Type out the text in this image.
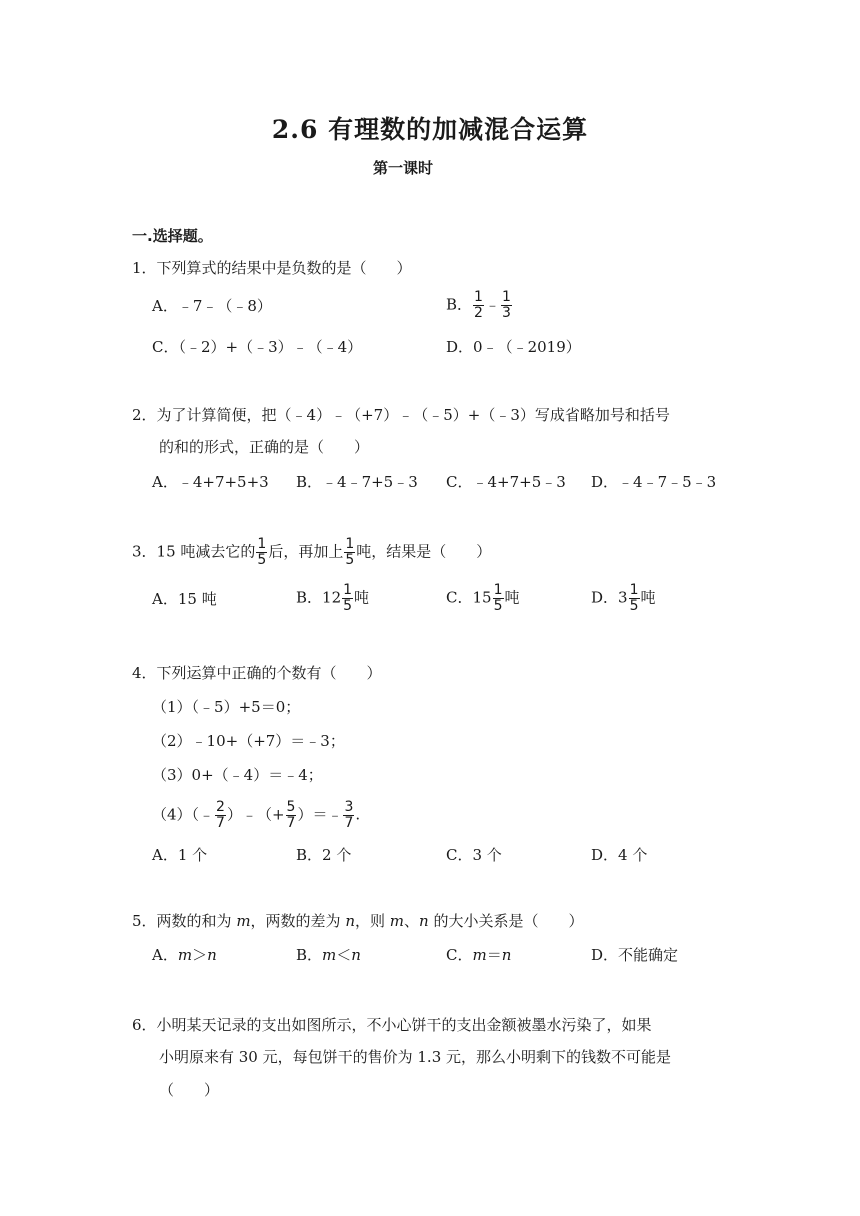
2.6 有理数的加减混合运算
第一课时
一.选择题。
1．下列算式的结果中是负数的是（　　）
A．﹣7﹣（﹣8）	B． $\frac{1}{2}$ ﹣ $\frac{1}{3}$
C．（﹣2）+（﹣3）﹣（﹣4）	D．0﹣（﹣2019）
2．为了计算简便，把（﹣4）﹣（+7）﹣（﹣5）+（﹣3）写成省略加号和括号
的和的形式，正确的是（　　）
A．﹣4+7+5+3 B．﹣4﹣7+5﹣3 C．﹣4+7+5﹣3 D．﹣4﹣7﹣5﹣3
3．15 吨减去它的 $\frac{1}{5}$ 后，再加上 $\frac{1}{5}$ 吨，结果是（　　）
A．15 吨	B．$12 \frac{1}{5}$ 吨	C．$15 \frac{1}{5}$ 吨	D．$3 \frac{1}{5}$ 吨
4．下列运算中正确的个数有（　　）
（1）（﹣5）+5＝0；
（2）﹣10+（+7）＝﹣3；
（3）0+（﹣4）＝﹣4；
（4）（﹣ $\frac{2}{7}$ ）﹣（+ $\frac{5}{7}$ ）＝﹣ $\frac{3}{7}$ .
A．1 个	B．2 个	C．3 个	D．4 个
5．两数的和为 m，两数的差为 n，则 m、n 的大小关系是（　　）
A．m＞n	B．m＜n	C．m＝n	D．不能确定
6．小明某天记录的支出如图所示，不小心饼干的支出金额被墨水污染了，如果
小明原来有 30 元，每包饼干的售价为 1.3 元，那么小明剩下的钱数不可能是
（　　）
